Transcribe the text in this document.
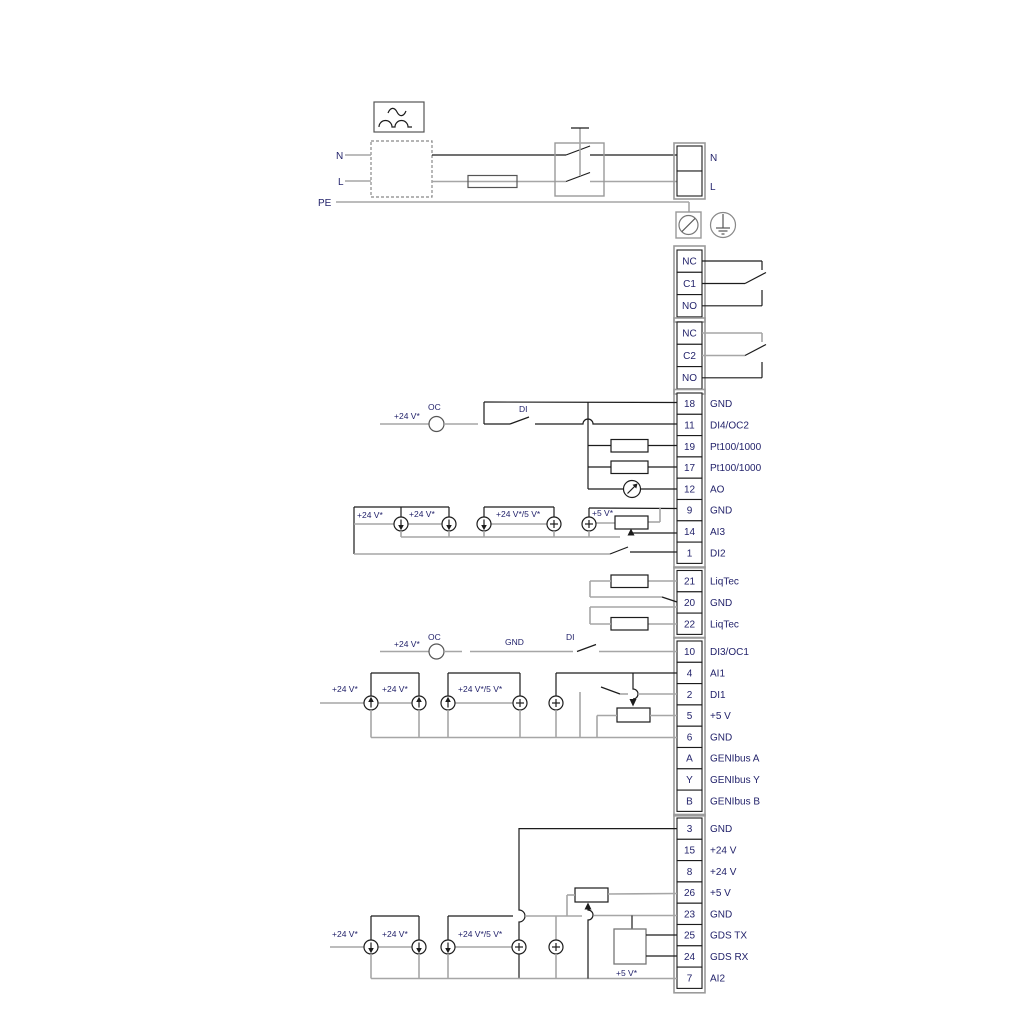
N
L
PE
N
L
NC
C1
NO
NC
C2
NO
18 GND
11 DI4/OC2
19 Pt100/1000
17 Pt100/1000
12 AO
9 GND
14 AI3
1 DI2
+24 V*
OC	DI
+24 V*	+24 V*	+24 V*/5 V*	+5 V*
21 LiqTec
20 GND
22 LiqTec
10 DI3/OC1
4 AI1
2 DI1
5 +5 V
6 GND
A GENIbus A
Y GENIbus Y
B GENIbus B
+24 V*
OC	GND	DI
+24 V*	+24 V*	+24 V*/5 V*
3 GND
15 +24 V
8 +24 V
26 +5 V
23 GND
25 GDS TX
24 GDS RX
7 AI2
+24 V*	+24 V*	+24 V*/5 V*
+5 V*
